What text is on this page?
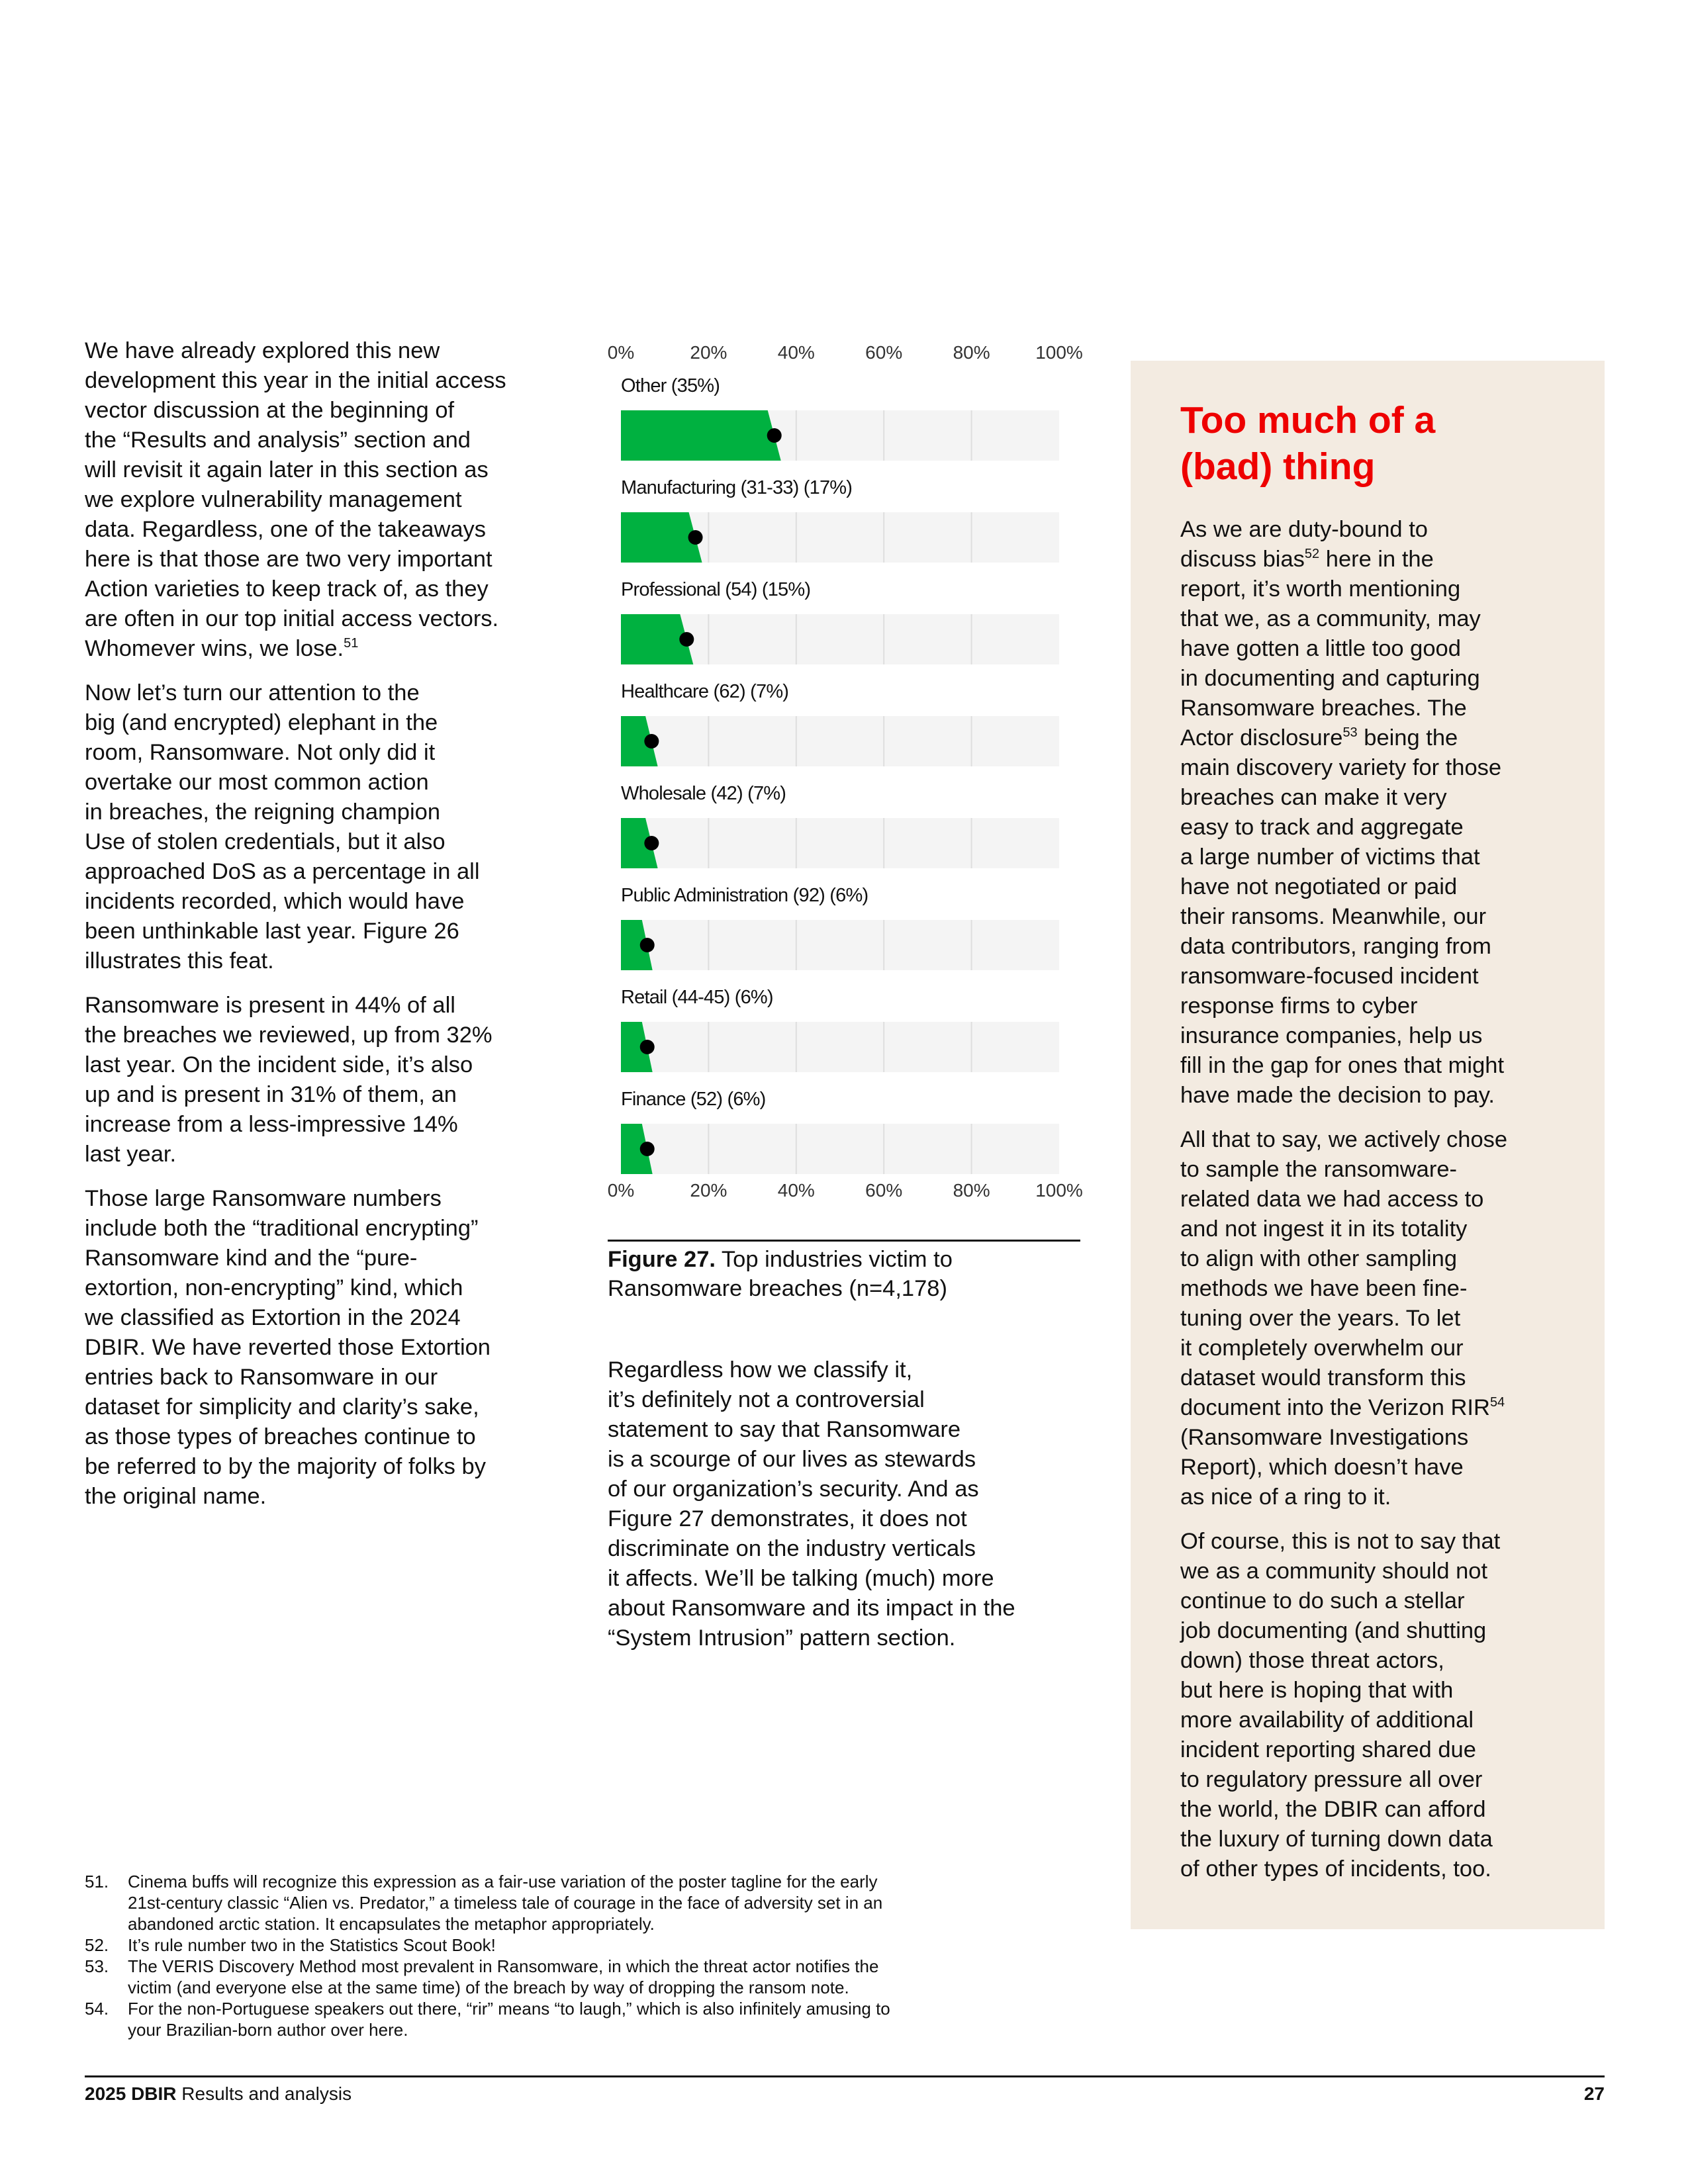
We have already explored this new
development this year in the initial access
vector discussion at the beginning of
the “Results and analysis” section and
will revisit it again later in this section as
we explore vulnerability management
data. Regardless, one of the takeaways
here is that those are two very important
Action varieties to keep track of, as they
are often in our top initial access vectors.
Whomever wins, we lose.$^{51}$

Now let’s turn our attention to the
big (and encrypted) elephant in the
room, Ransomware. Not only did it
overtake our most common action
in breaches, the reigning champion
Use of stolen credentials, but it also
approached DoS as a percentage in all
incidents recorded, which would have
been unthinkable last year. Figure 26
illustrates this feat.

Ransomware is present in 44% of all
the breaches we reviewed, up from 32%
last year. On the incident side, it’s also
up and is present in 31% of them, an
increase from a less-impressive 14%
last year.

Those large Ransomware numbers
include both the “traditional encrypting”
Ransomware kind and the “pure-
extortion, non-encrypting” kind, which
we classified as Extortion in the 2024
DBIR. We have reverted those Extortion
entries back to Ransomware in our
dataset for simplicity and clarity’s sake,
as those types of breaches continue to
be referred to by the majority of folks by
the original name.

0%
0%
20%
20%
40%
40%
60%
60%
80%
80%
100%
100%
Other (35%)
Manufacturing (31-33) (17%)
Professional (54) (15%)
Healthcare (62) (7%)
Wholesale (42) (7%)
Public Administration (92) (6%)
Retail (44-45) (6%)
Finance (52) (6%)
Figure 27. Top industries victim to
Ransomware breaches (n=4,178)

Regardless how we classify it,
it’s definitely not a controversial
statement to say that Ransomware
is a scourge of our lives as stewards
of our organization’s security. And as
Figure 27 demonstrates, it does not
discriminate on the industry verticals
it affects. We’ll be talking (much) more
about Ransomware and its impact in the
“System Intrusion” pattern section.

Too much of a
(bad) thing

As we are duty-bound to
discuss bias$^{52}$ here in the
report, it’s worth mentioning
that we, as a community, may
have gotten a little too good
in documenting and capturing
Ransomware breaches. The
Actor disclosure$^{53}$ being the
main discovery variety for those
breaches can make it very
easy to track and aggregate
a large number of victims that
have not negotiated or paid
their ransoms. Meanwhile, our
data contributors, ranging from
ransomware-focused incident
response firms to cyber
insurance companies, help us
fill in the gap for ones that might
have made the decision to pay.

All that to say, we actively chose
to sample the ransomware-
related data we had access to
and not ingest it in its totality
to align with other sampling
methods we have been fine-
tuning over the years. To let
it completely overwhelm our
dataset would transform this
document into the Verizon RIR$^{54}$
(Ransomware Investigations
Report), which doesn’t have
as nice of a ring to it.

Of course, this is not to say that
we as a community should not
continue to do such a stellar
job documenting (and shutting
down) those threat actors,
but here is hoping that with
more availability of additional
incident reporting shared due
to regulatory pressure all over
the world, the DBIR can afford
the luxury of turning down data
of other types of incidents, too.

51.	Cinema buffs will recognize this expression as a fair-use variation of the poster tagline for the early
21st-century classic “Alien vs. Predator,” a timeless tale of courage in the face of adversity set in an
abandoned arctic station. It encapsulates the metaphor appropriately.
52.	It’s rule number two in the Statistics Scout Book!
53.	The VERIS Discovery Method most prevalent in Ransomware, in which the threat actor notifies the
victim (and everyone else at the same time) of the breach by way of dropping the ransom note.
54.	For the non-Portuguese speakers out there, “rir” means “to laugh,” which is also infinitely amusing to
your Brazilian-born author over here.
2025 DBIR Results and analysis	27
